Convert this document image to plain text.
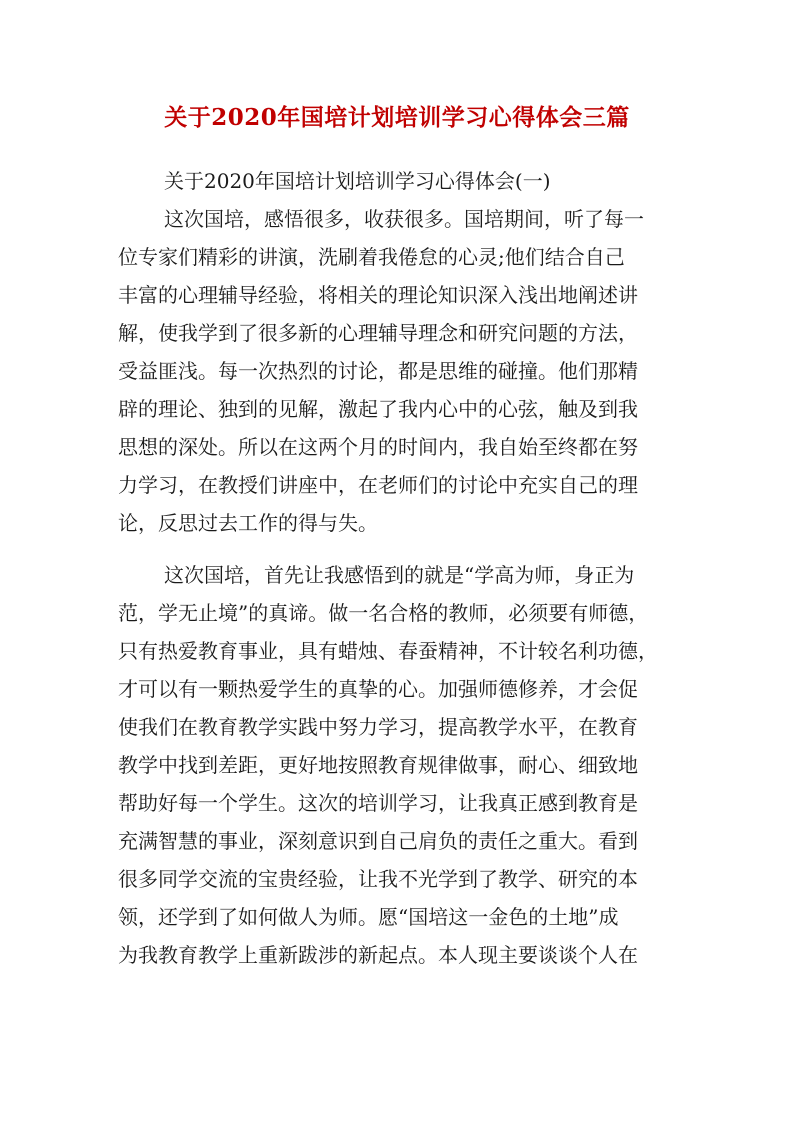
关于2020年国培计划培训学习心得体会三篇
关于2020年国培计划培训学习心得体会(一)
这次国培，感悟很多，收获很多。国培期间，听了每一
位专家们精彩的讲演，洗刷着我倦怠的心灵;他们结合自己
丰富的心理辅导经验，将相关的理论知识深入浅出地阐述讲
解，使我学到了很多新的心理辅导理念和研究问题的方法，
受益匪浅。每一次热烈的讨论，都是思维的碰撞。他们那精
辟的理论、独到的见解，激起了我内心中的心弦，触及到我
思想的深处。所以在这两个月的时间内，我自始至终都在努
力学习，在教授们讲座中，在老师们的讨论中充实自己的理
论，反思过去工作的得与失。
这次国培，首先让我感悟到的就是“学高为师，身正为
范，学无止境”的真谛。做一名合格的教师，必须要有师德，
只有热爱教育事业，具有蜡烛、春蚕精神，不计较名利功德，
才可以有一颗热爱学生的真挚的心。加强师德修养，才会促
使我们在教育教学实践中努力学习，提高教学水平，在教育
教学中找到差距，更好地按照教育规律做事，耐心、细致地
帮助好每一个学生。这次的培训学习，让我真正感到教育是
充满智慧的事业，深刻意识到自己肩负的责任之重大。看到
很多同学交流的宝贵经验，让我不光学到了教学、研究的本
领，还学到了如何做人为师。愿“国培这一金色的土地”成
为我教育教学上重新跋涉的新起点。本人现主要谈谈个人在
